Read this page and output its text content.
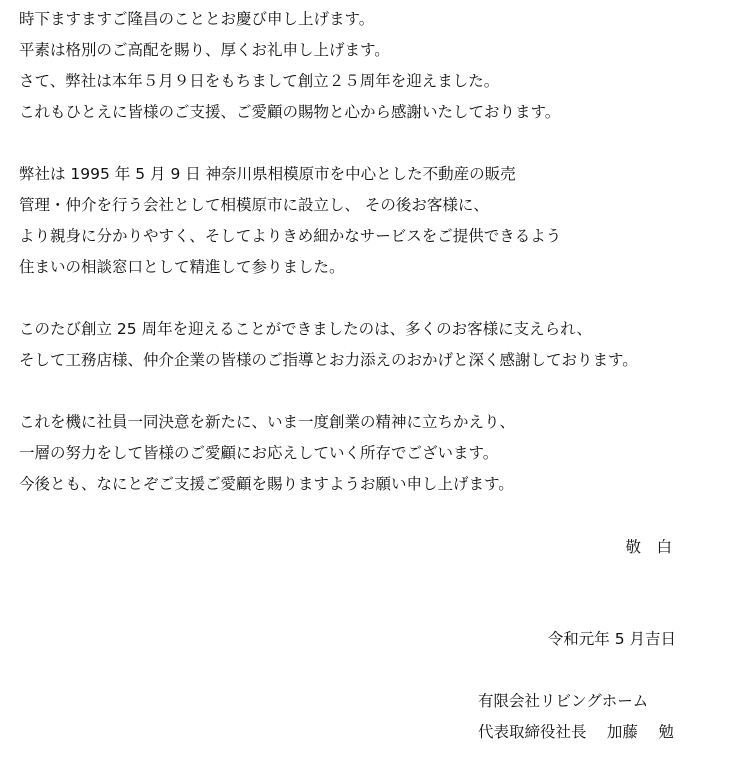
時下ますますご隆昌のこととお慶び申し上げます。
平素は格別のご高配を賜り、厚くお礼申し上げます。
さて、弊社は本年５月９日をもちまして創立２５周年を迎えました。
これもひとえに皆様のご支援、ご愛顧の賜物と心から感謝いたしております。
弊社は 1995 年 5 月 9 日 神奈川県相模原市を中心とした不動産の販売
管理・仲介を行う会社として相模原市に設立し、 その後お客様に、
より親身に分かりやすく、そしてよりきめ細かなサービスをご提供できるよう
住まいの相談窓口として精進して参りました。
このたび創立 25 周年を迎えることができましたのは、多くのお客様に支えられ、
そして工務店様、仲介企業の皆様のご指導とお力添えのおかげと深く感謝しております。
これを機に社員一同決意を新たに、いま一度創業の精神に立ちかえり、
一層の努力をして皆様のご愛顧にお応えしていく所存でございます。
今後とも、なにとぞご支援ご愛顧を賜りますようお願い申し上げます。
敬　白
令和元年 5 月吉日
有限会社リビングホーム
代表取締役社長　 加藤　 勉
